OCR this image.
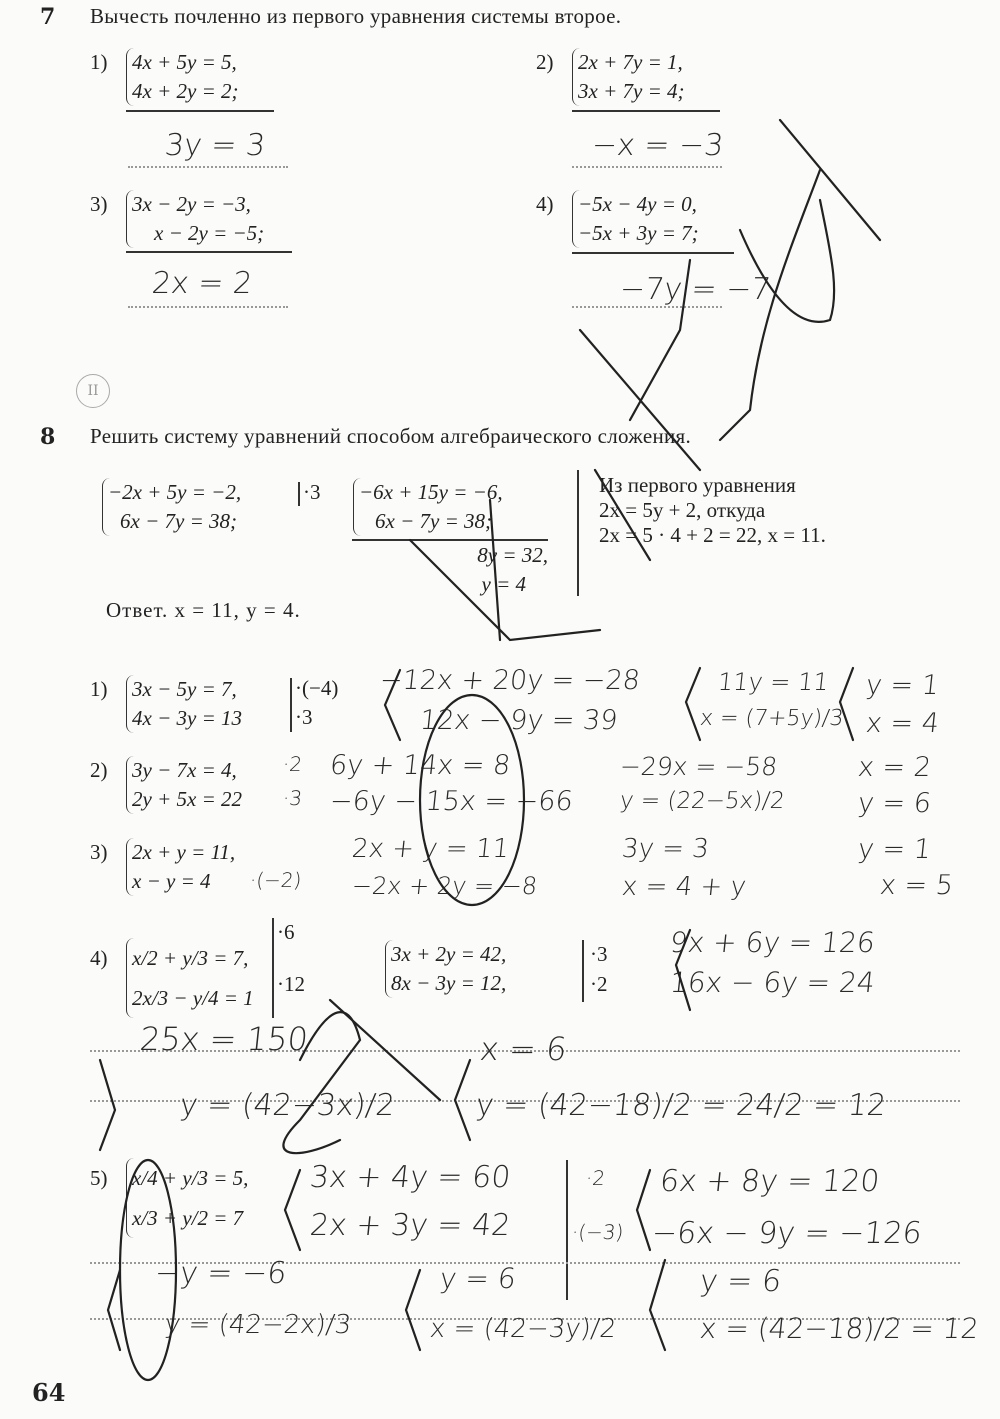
7 Вычесть почленно из первого уравнения системы второе.
1) 4x + 5y = 5,
4x + 2y = 2;
3y = 3
2) 2x + 7y = 1,
3x + 7y = 4;
−x = −3
3) 3x − 2y = −3,
x − 2y = −5;
2x = 2
4) −5x − 4y = 0,
−5x + 3y = 7;
−7y = −7
II
8 Решить систему уравнений способом алгебраического сложения.
−2x + 5y = −2,
6x − 7y = 38;
·3 −6x + 15y = −6,
6x − 7y = 38;
8y = 32,
y = 4
Из первого уравнения
2x = 5y + 2, откуда
2x = 5 · 4 + 2 = 22, x = 11.
Ответ. x = 11, y = 4.
1) 3x − 5y = 7,
4x − 3y = 13
·(−4)
·3
−12x + 20y = −28
12x − 9y = 39
11y = 11
x = (7+5y)/3
y = 1
x = 4
2) 3y − 7x = 4,
2y + 5x = 22
·2
·3
6y + 14x = 8
−6y − 15x = −66
−29x = −58
y = (22−5x)/2
x = 2
y = 6
3) 2x + y = 11,
x − y = 4	·(−2)
2x + y = 11
−2x + 2y = −8
3y = 3
x = 4 + y
y = 1
x = 5
4) x/2 + y/3 = 7,
2x/3 − y/4 = 1
·6
·12
3x + 2y = 42,
8x − 3y = 12,
·3
·2
9x + 6y = 126
16x − 6y = 24
25x = 150
y = (42−3x)/2
x = 6
y = (42−18)/2 = 24/2 = 12
5) x/4 + y/3 = 5,
x/3 + y/2 = 7
3x + 4y = 60
2x + 3y = 42
·2
·(−3)
6x + 8y = 120
−6x − 9y = −126
−y = −6
y = (42−2x)/3
y = 6
x = (42−3y)/2
y = 6
x = (42−18)/2 = 12
64
